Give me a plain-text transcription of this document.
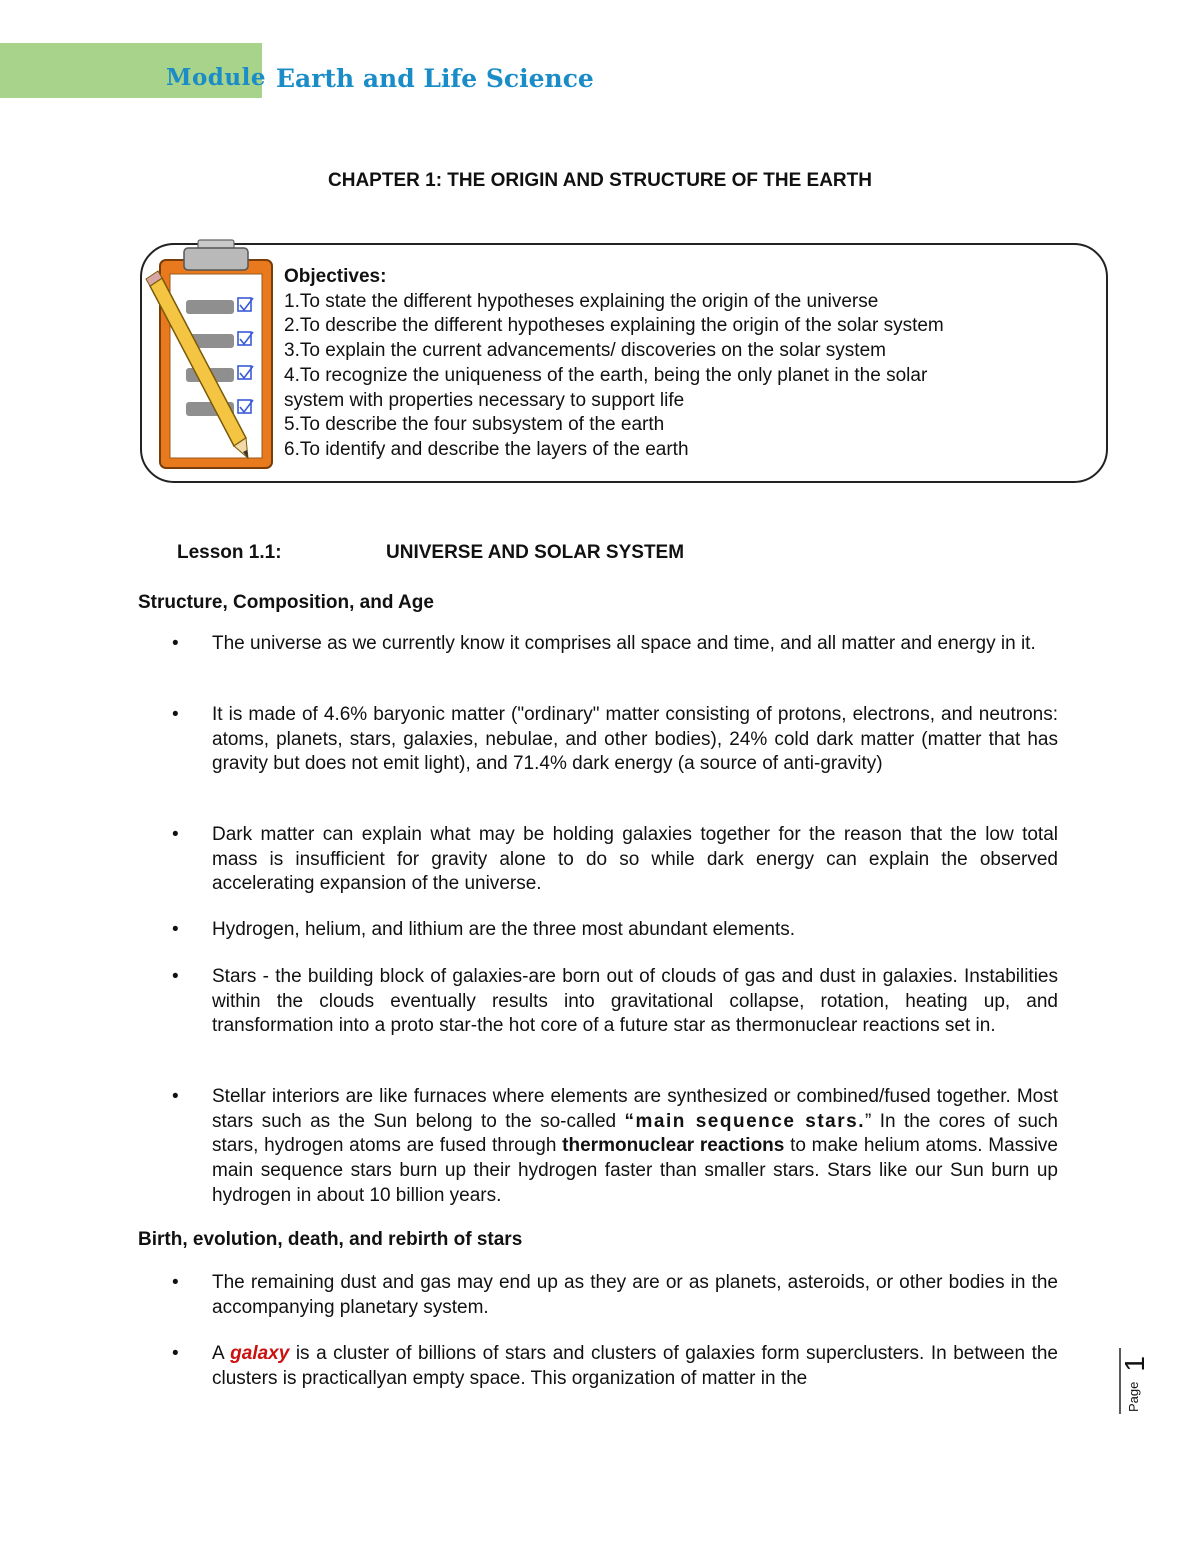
Module Earth and Life Science
CHAPTER 1: THE ORIGIN AND STRUCTURE OF THE EARTH
Objectives:
1.To state the different hypotheses explaining the origin of the universe
2.To describe the different hypotheses explaining the origin of the solar system
3.To explain the current advancements/ discoveries on the solar system
4.To recognize the uniqueness of the earth, being the only planet in the solar
system with properties necessary to support life
5.To describe the four subsystem of the earth
6.To identify and describe the layers of the earth
Lesson 1.1:	UNIVERSE AND SOLAR SYSTEM
Structure, Composition, and Age
• The universe as we currently know it comprises all space and time, and all matter and energy in it.
• It is made of 4.6% baryonic matter ("ordinary" matter consisting of protons, electrons, and neutrons: atoms, planets, stars, galaxies, nebulae, and other bodies), 24% cold dark matter (matter that has gravity but does not emit light), and 71.4% dark energy (a source of anti-gravity)
• Dark matter can explain what may be holding galaxies together for the reason that the low total mass is insufficient for gravity alone to do so while dark energy can explain the observed accelerating expansion of the universe.
• Hydrogen, helium, and lithium are the three most abundant elements.
• Stars - the building block of galaxies-are born out of clouds of gas and dust in galaxies. Instabilities within the clouds eventually results into gravitational collapse, rotation, heating up, and transformation into a proto star-the hot core of a future star as thermonuclear reactions set in.
• Stellar interiors are like furnaces where elements are synthesized or combined/fused together. Most stars such as the Sun belong to the so-called “main sequence stars.” In the cores of such stars, hydrogen atoms are fused through thermonuclear reactions to make helium atoms. Massive main sequence stars burn up their hydrogen faster than smaller stars. Stars like our Sun burn up hydrogen in about 10 billion years.
Birth, evolution, death, and rebirth of stars
• The remaining dust and gas may end up as they are or as planets, asteroids, or other bodies in the accompanying planetary system.
• A galaxy is a cluster of billions of stars and clusters of galaxies form superclusters. In between the clusters is practicallyan empty space. This organization of matter in the
1
Page
